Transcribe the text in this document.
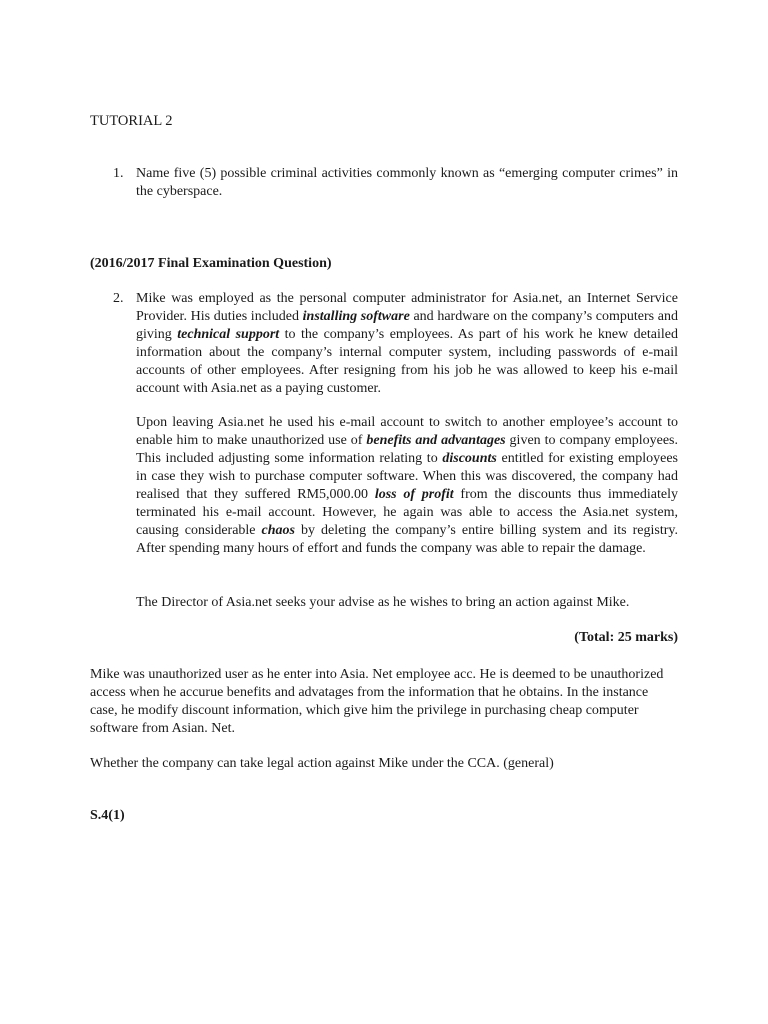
TUTORIAL 2

1. Name five (5) possible criminal activities commonly known as “emerging computer crimes” in the cyberspace.

(2016/2017 Final Examination Question)

2. Mike was employed as the personal computer administrator for Asia.net, an Internet Service Provider. His duties included installing software and hardware on the company’s computers and giving technical support to the company’s employees. As part of his work he knew detailed information about the company’s internal computer system, including passwords of e-mail accounts of other employees. After resigning from his job he was allowed to keep his e-mail account with Asia.net as a paying customer.

Upon leaving Asia.net he used his e-mail account to switch to another employee’s account to enable him to make unauthorized use of benefits and advantages given to company employees. This included adjusting some information relating to discounts entitled for existing employees in case they wish to purchase computer software. When this was discovered, the company had realised that they suffered RM5,000.00 loss of profit from the discounts thus immediately terminated his e-mail account. However, he again was able to access the Asia.net system, causing considerable chaos by deleting the company’s entire billing system and its registry. After spending many hours of effort and funds the company was able to repair the damage.

The Director of Asia.net seeks your advise as he wishes to bring an action against Mike.

(Total: 25 marks)

Mike was unauthorized user as he enter into Asia. Net employee acc. He is deemed to be unauthorized access when he accurue benefits and advatages from the information that he obtains. In the instance case, he modify discount information, which give him the privilege in purchasing cheap computer software from Asian. Net.

Whether the company can take legal action against Mike under the CCA. (general)

S.4(1)
